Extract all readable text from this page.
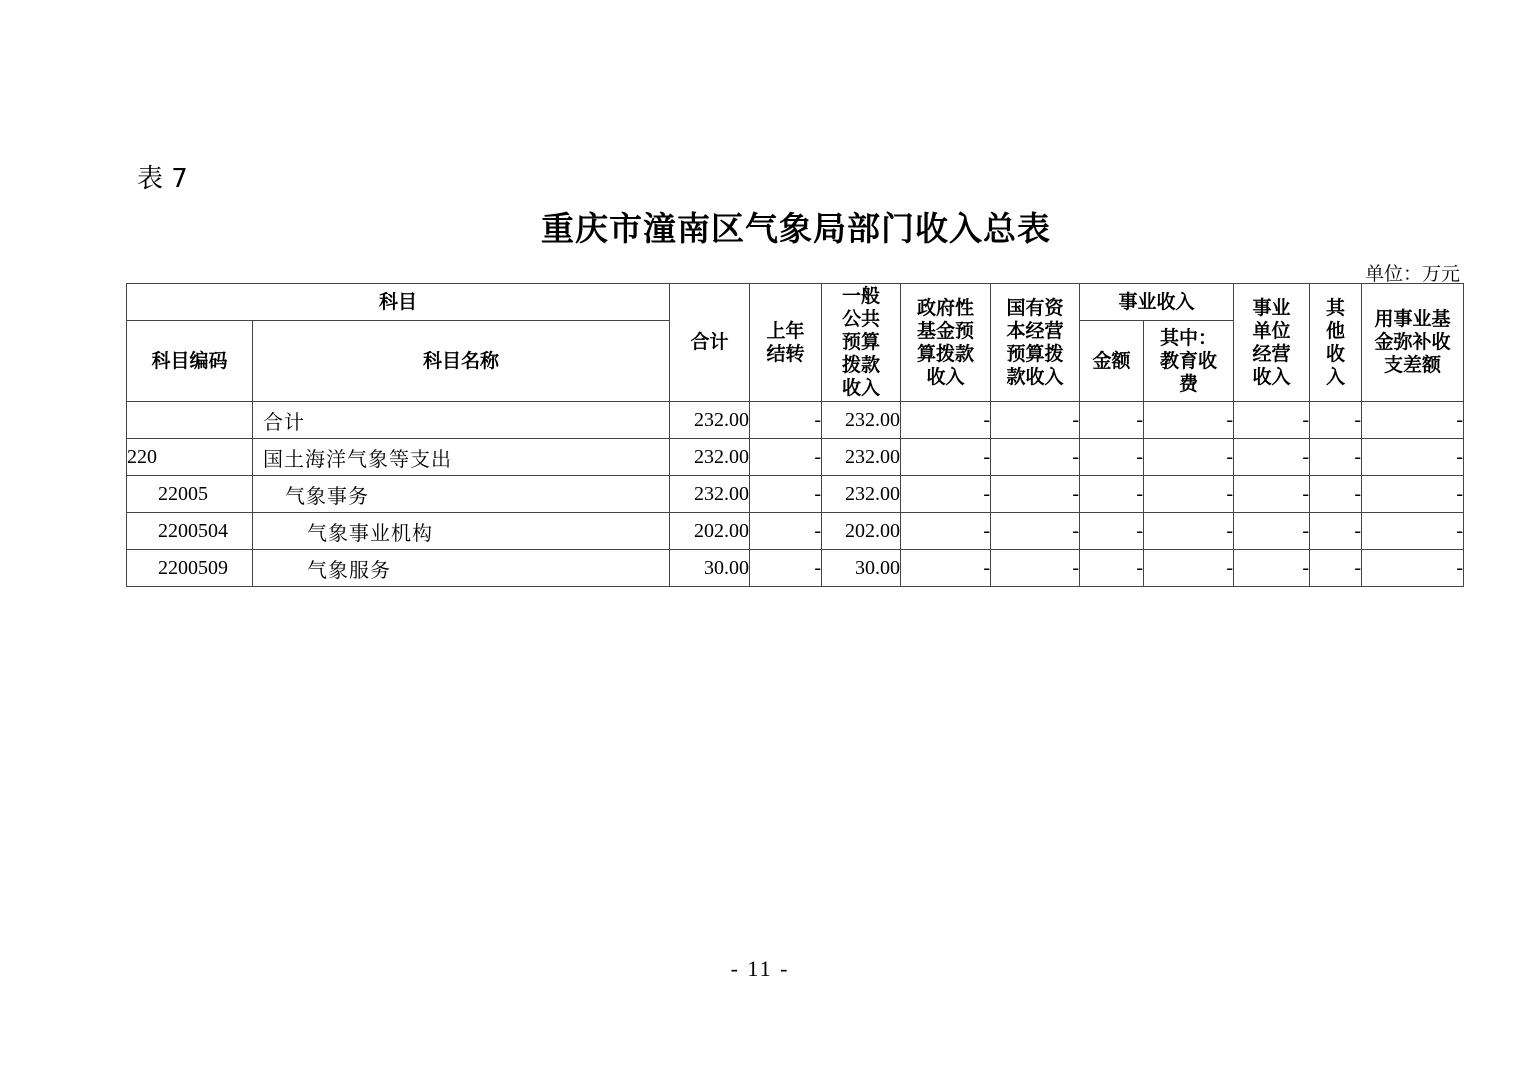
表 7
重庆市潼南区气象局部门收入总表
单位：万元
科目		合计	上年结转	一般公共预算拨款收入	政府性基金预算拨款收入	国有资本经营预算拨款收入	事业收入		事业单位经营收入	其他收入	用事业基金弥补收支差额
科目编码	科目名称						金额	其中：教育收费			
	合计	232.00	-	232.00	-	-	-	-	-	-	-
220	国土海洋气象等支出	232.00	-	232.00	-	-	-	-	-	-	-
22005	气象事务	232.00	-	232.00	-	-	-	-	-	-	-
2200504	气象事业机构	202.00	-	202.00	-	-	-	-	-	-	-
2200509	气象服务	30.00	-	30.00	-	-	-	-	-	-	-
- 11 -
